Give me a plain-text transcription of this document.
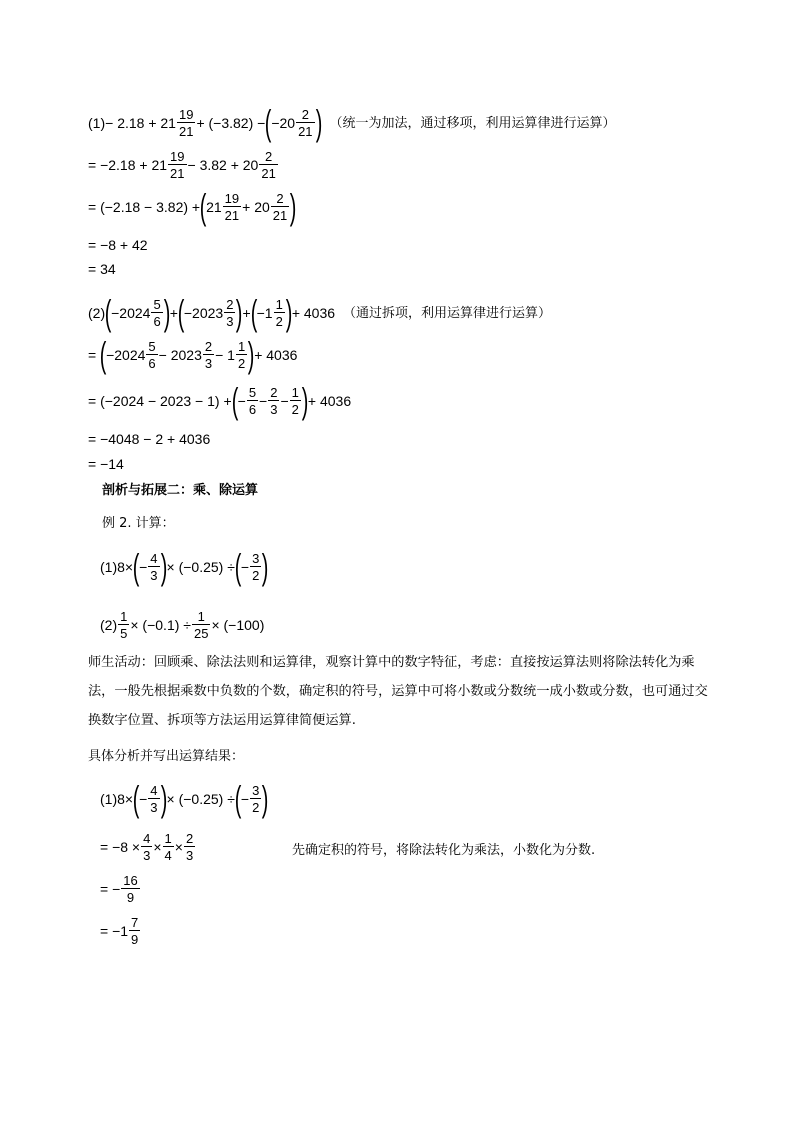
$(1) - 2.18 + 21 \frac{19}{21} + (-3.82)$ − ( $-20 \frac{2}{21}$ ) （统一为加法，通过移项，利用运算律进行运算）
= $-2.18 + 21 \frac{19}{21} - 3.82 + 20 \frac{2}{21}$
= (−2.18 − 3.82) + ( $21 \frac{19}{21} + 20 \frac{2}{21}$ )
= −8 + 42
= 34
(2) ( $-2024 \frac{5}{6}$ ) + ( $-2023 \frac{2}{3}$ ) + ( $-1 \frac{1}{2}$ ) + 4036 （通过拆项，利用运算律进行运算）
= ( $-2024 \frac{5}{6} - 2023 \frac{2}{3} - 1 \frac{1}{2}$ ) + 4036
= (−2024 − 2023 − 1) + ( − $\frac{5}{6} - \frac{2}{3} - \frac{1}{2}$ ) + 4036
= −4048 − 2 + 4036
= −14
剖析与拓展二：乘、除运算
例 2. 计算：
(1)8× ( − $\frac{4}{3}$ ) × (−0.25) ÷ ( − $\frac{3}{2}$ )
$(2) \frac{1}{5} \times (-0.1) \div \frac{1}{25} \times (-100)$
师生活动：回顾乘、除法法则和运算律，观察计算中的数字特征，考虑：直接按运算法则将除法转化为乘法，一般先根据乘数中负数的个数，确定积的符号，运算中可将小数或分数统一成小数或分数，也可通过交换数字位置、拆项等方法运用运算律简便运算.
具体分析并写出运算结果：
(1)8× ( − $\frac{4}{3}$ ) × (−0.25) ÷ ( − $\frac{3}{2}$ )
= $-8 \times \frac{4}{3} \times \frac{1}{4} \times \frac{2}{3}$	先确定积的符号，将除法转化为乘法，小数化为分数.
= − $\frac{16}{9}$
= $-1 \frac{7}{9}$
